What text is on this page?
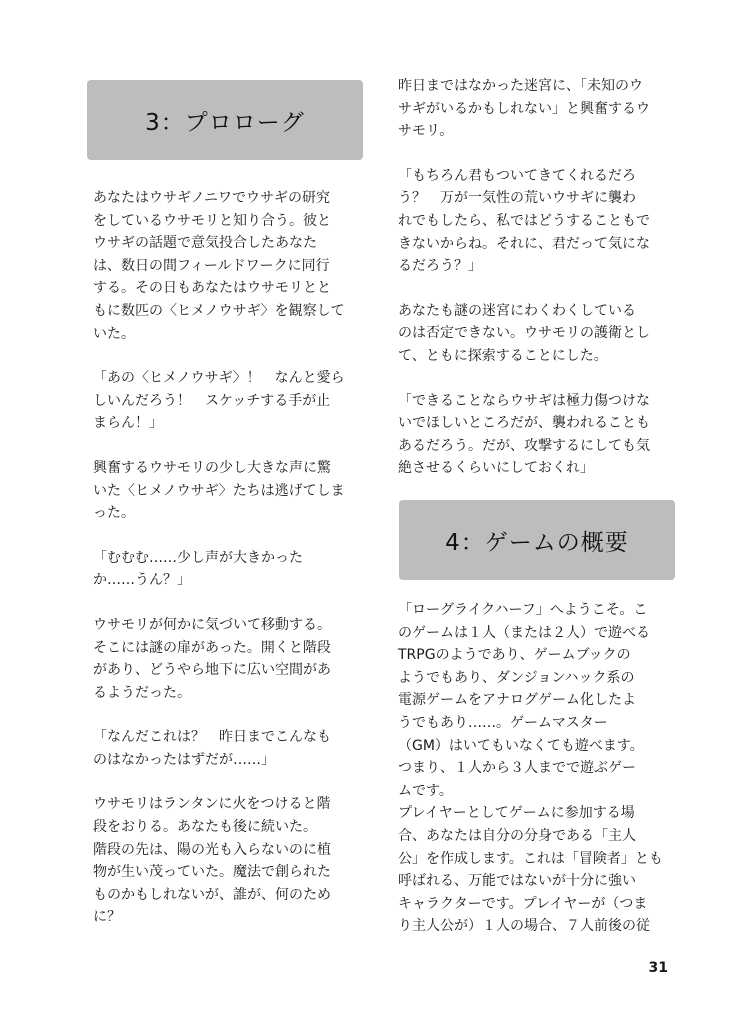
3：プロローグ

あなたはウサギノニワでウサギの研究
をしているウサモリと知り合う。彼と
ウサギの話題で意気投合したあなた
は、数日の間フィールドワークに同行
する。その日もあなたはウサモリとと
もに数匹の〈ヒメノウサギ〉を観察して
いた。

「あの〈ヒメノウサギ〉！　なんと愛ら
しいんだろう！　スケッチする手が止
まらん！」

興奮するウサモリの少し大きな声に驚
いた〈ヒメノウサギ〉たちは逃げてしま
った。

「むむむ……少し声が大きかった
か……うん？」

ウサモリが何かに気づいて移動する。
そこには謎の扉があった。開くと階段
があり、どうやら地下に広い空間があ
るようだった。

「なんだこれは？　昨日までこんなも
のはなかったはずだが……」

ウサモリはランタンに火をつけると階
段をおりる。あなたも後に続いた。
階段の先は、陽の光も入らないのに植
物が生い茂っていた。魔法で創られた
ものかもしれないが、誰が、何のため
に？

昨日まではなかった迷宮に、「未知のウ
サギがいるかもしれない」と興奮するウ
サモリ。

「もちろん君もついてきてくれるだろ
う？　万が一気性の荒いウサギに襲わ
れでもしたら、私ではどうすることもで
きないからね。それに、君だって気にな
るだろう？」

あなたも謎の迷宮にわくわくしている
のは否定できない。ウサモリの護衛とし
て、ともに探索することにした。

「できることならウサギは極力傷つけな
いでほしいところだが、襲われることも
あるだろう。だが、攻撃するにしても気
絶させるくらいにしておくれ」

4：ゲームの概要

「ローグライクハーフ」へようこそ。こ
のゲームは１人（または２人）で遊べる
TRPGのようであり、ゲームブックの
ようでもあり、ダンジョンハック系の
電源ゲームをアナログゲーム化したよ
うでもあり……。ゲームマスター
（GM）はいてもいなくても遊べます。
つまり、１人から３人までで遊ぶゲー
ムです。

プレイヤーとしてゲームに参加する場
合、あなたは自分の分身である「主人
公」を作成します。これは「冒険者」とも
呼ばれる、万能ではないが十分に強い
キャラクターです。プレイヤーが（つま
り主人公が）１人の場合、７人前後の従

31
